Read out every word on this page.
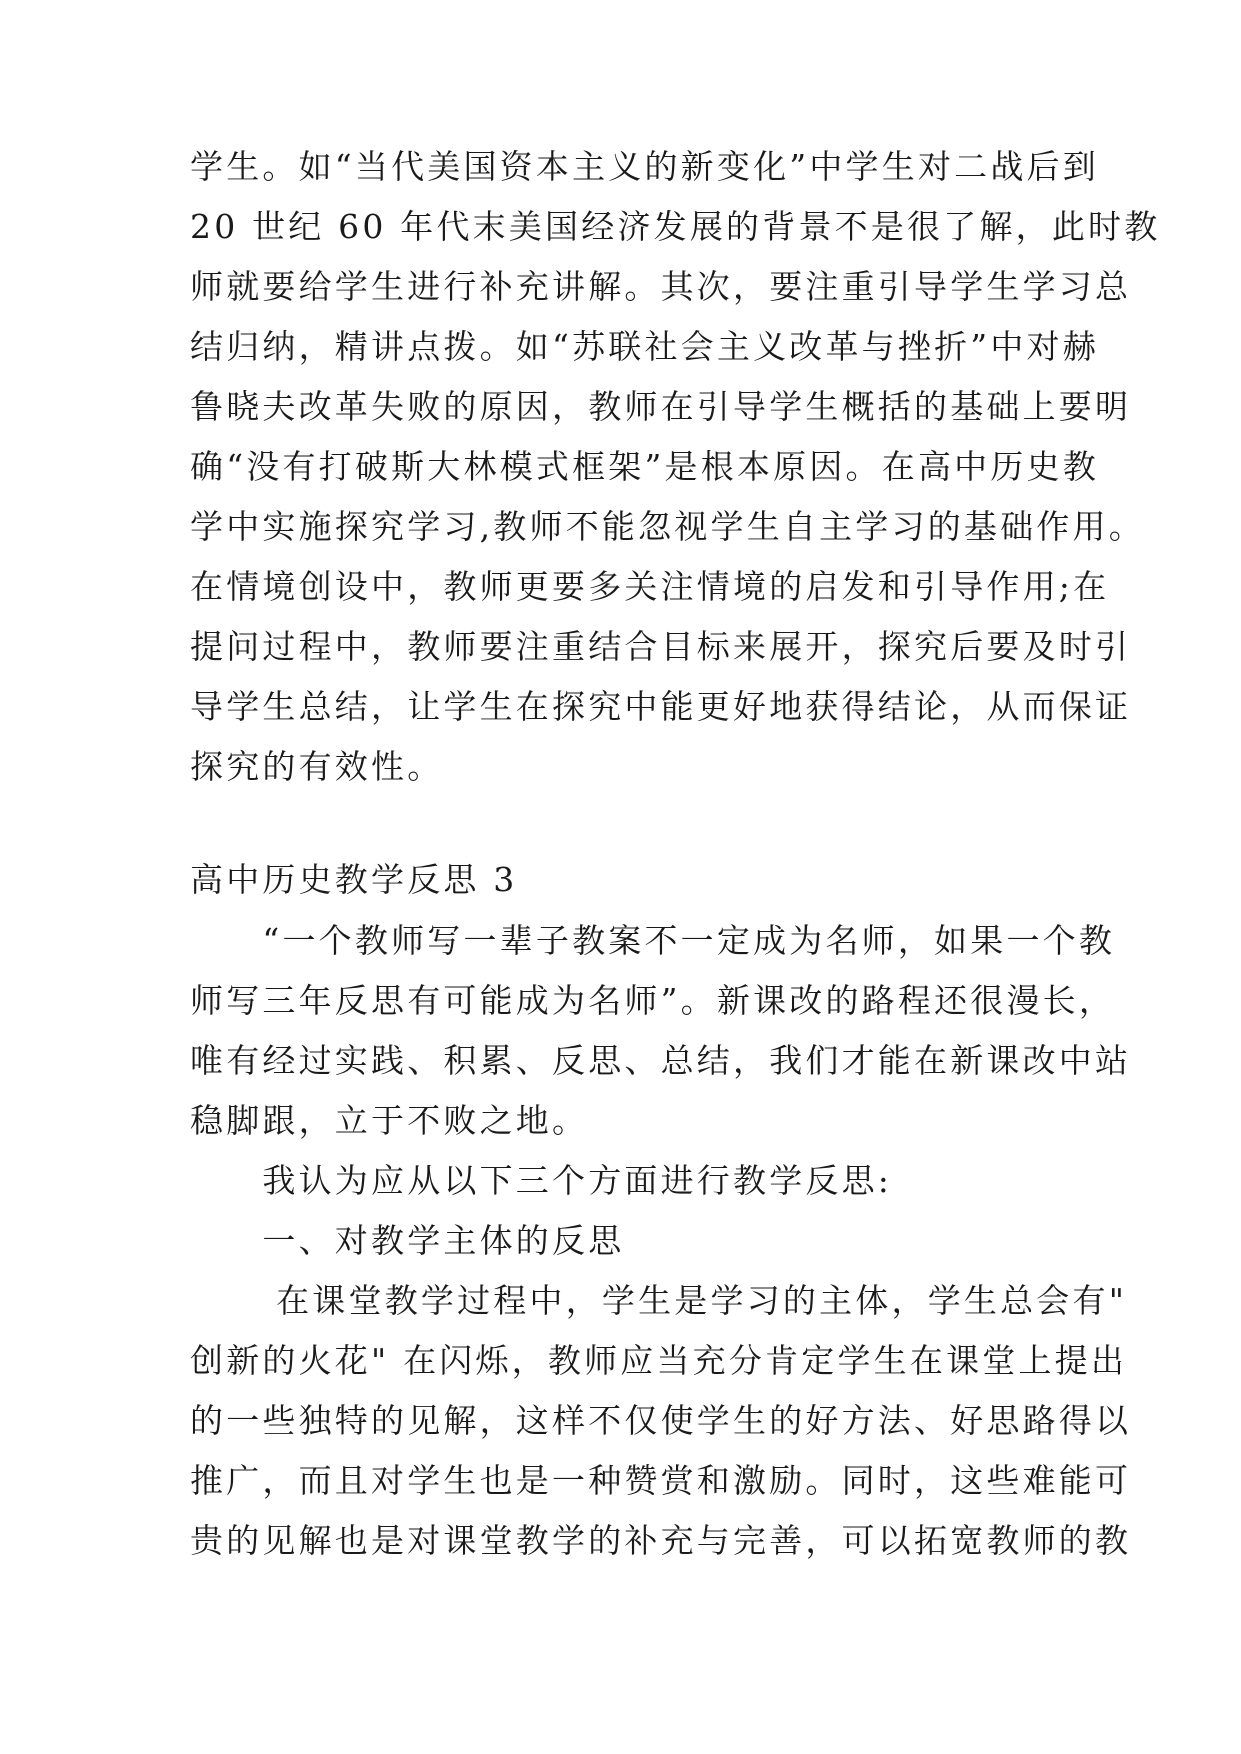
学生。如“当代美国资本主义的新变化”中学生对二战后到
20 世纪 60 年代末美国经济发展的背景不是很了解，此时教
师就要给学生进行补充讲解。其次，要注重引导学生学习总
结归纳，精讲点拨。如“苏联社会主义改革与挫折”中对赫
鲁晓夫改革失败的原因，教师在引导学生概括的基础上要明
确“没有打破斯大林模式框架”是根本原因。在高中历史教
学中实施探究学习,教师不能忽视学生自主学习的基础作用。
在情境创设中，教师更要多关注情境的启发和引导作用;在
提问过程中，教师要注重结合目标来展开，探究后要及时引
导学生总结，让学生在探究中能更好地获得结论，从而保证
探究的有效性。
高中历史教学反思 3
　　“一个教师写一辈子教案不一定成为名师，如果一个教
师写三年反思有可能成为名师”。新课改的路程还很漫长，
唯有经过实践、积累、反思、总结，我们才能在新课改中站
稳脚跟，立于不败之地。
　　我认为应从以下三个方面进行教学反思:
　　一、对教学主体的反思
　　 在课堂教学过程中，学生是学习的主体，学生总会有"
创新的火花" 在闪烁，教师应当充分肯定学生在课堂上提出
的一些独特的见解，这样不仅使学生的好方法、好思路得以
推广，而且对学生也是一种赞赏和激励。同时，这些难能可
贵的见解也是对课堂教学的补充与完善，可以拓宽教师的教
